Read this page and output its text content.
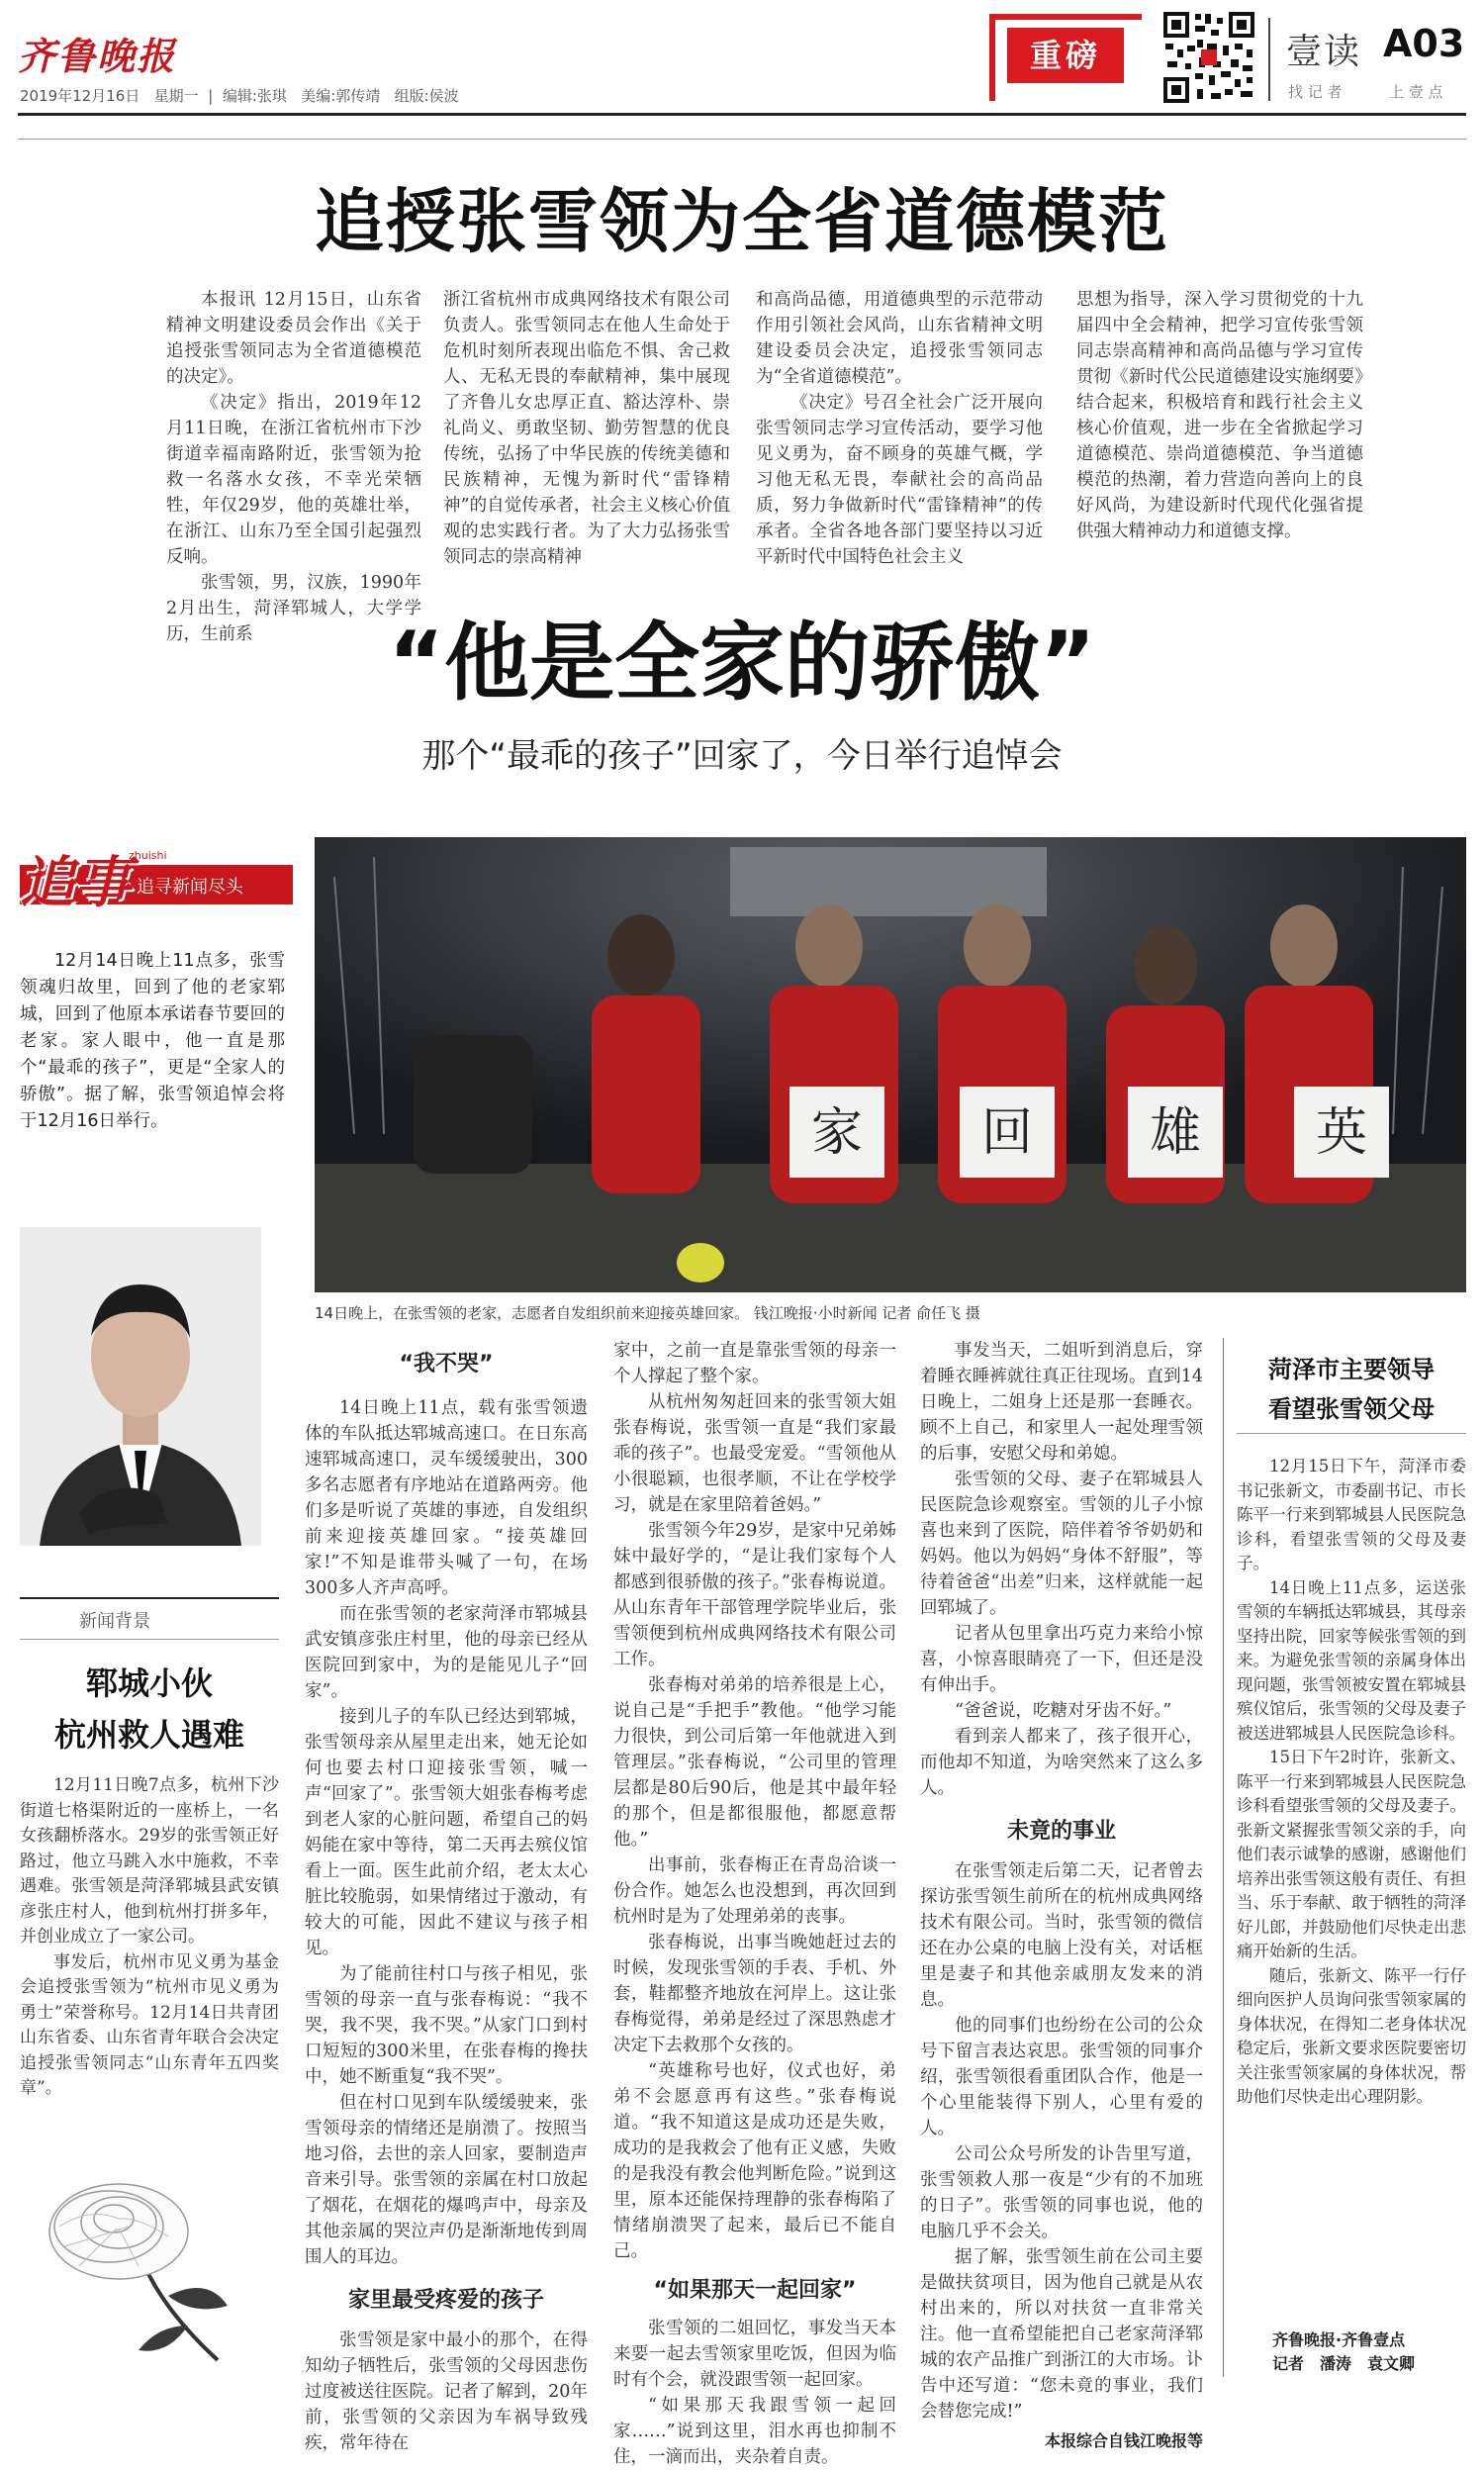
齐鲁晚报
2019年12月16日 星期一  |  编辑:张琪 美编:郭传靖 组版:侯波
重磅	壹读 A03
找 记 者	上 壹 点
追授张雪领为全省道德模范

本报讯 12月15日，山东省精神文明建设委员会作出《关于追授张雪领同志为全省道德模范的决定》。

《决定》指出，2019年12月11日晚，在浙江省杭州市下沙街道幸福南路附近，张雪领为抢救一名落水女孩，不幸光荣牺牲，年仅29岁，他的英雄壮举，在浙江、山东乃至全国引起强烈反响。

张雪领，男，汉族，1990年2月出生，菏泽郓城人，大学学历，生前系

浙江省杭州市成典网络技术有限公司负责人。张雪领同志在他人生命处于危机时刻所表现出临危不惧、舍己救人、无私无畏的奉献精神，集中展现了齐鲁儿女忠厚正直、豁达淳朴、崇礼尚义、勇敢坚韧、勤劳智慧的优良传统，弘扬了中华民族的传统美德和民族精神，无愧为新时代“雷锋精神”的自觉传承者，社会主义核心价值观的忠实践行者。为了大力弘扬张雪领同志的崇高精神

和高尚品德，用道德典型的示范带动作用引领社会风尚，山东省精神文明建设委员会决定，追授张雪领同志为“全省道德模范”。

《决定》号召全社会广泛开展向张雪领同志学习宣传活动，要学习他见义勇为，奋不顾身的英雄气概，学习他无私无畏，奉献社会的高尚品质，努力争做新时代“雷锋精神”的传承者。全省各地各部门要坚持以习近平新时代中国特色社会主义

思想为指导，深入学习贯彻党的十九届四中全会精神，把学习宣传张雪领同志崇高精神和高尚品德与学习宣传贯彻《新时代公民道德建设实施纲要》结合起来，积极培育和践行社会主义核心价值观，进一步在全省掀起学习道德模范、崇尚道德模范、争当道德模范的热潮，着力营造向善向上的良好风尚，为建设新时代现代化强省提供强大精神动力和道德支撑。

“他是全家的骄傲”
那个“最乖的孩子”回家了，今日举行追悼会
追事
zhuishi
追寻新闻尽头
12月14日晚上11点多，张雪领魂归故里，回到了他的老家郓城，回到了他原本承诺春节要回的老家。家人眼中，他一直是那个“最乖的孩子”，更是“全家人的骄傲”。据了解，张雪领追悼会将于12月16日举行。	家 回 雄 英
14日晚上，在张雪领的老家，志愿者自发组织前来迎接英雄回家。 钱江晚报·小时新闻 记者 俞任飞 摄
新闻背景
郓城小伙
杭州救人遇难

12月11日晚7点多，杭州下沙街道七格渠附近的一座桥上，一名女孩翻桥落水。29岁的张雪领正好路过，他立马跳入水中施救，不幸遇难。张雪领是菏泽郓城县武安镇彦张庄村人，他到杭州打拼多年，并创业成立了一家公司。

事发后，杭州市见义勇为基金会追授张雪领为“杭州市见义勇为勇士”荣誉称号。12月14日共青团山东省委、山东省青年联合会决定追授张雪领同志“山东青年五四奖章”。

“我不哭”

14日晚上11点，载有张雪领遗体的车队抵达郓城高速口。在日东高速郓城高速口，灵车缓缓驶出，300多名志愿者有序地站在道路两旁。他们多是听说了英雄的事迹，自发组织前来迎接英雄回家。“接英雄回家!”不知是谁带头喊了一句，在场300多人齐声高呼。

而在张雪领的老家菏泽市郓城县武安镇彦张庄村里，他的母亲已经从医院回到家中，为的是能见儿子“回家”。

接到儿子的车队已经达到郓城，张雪领母亲从屋里走出来，她无论如何也要去村口迎接张雪领，喊一声“回家了”。张雪领大姐张春梅考虑到老人家的心脏问题，希望自己的妈妈能在家中等待，第二天再去殡仪馆看上一面。医生此前介绍，老太太心脏比较脆弱，如果情绪过于激动，有较大的可能，因此不建议与孩子相见。

为了能前往村口与孩子相见，张雪领的母亲一直与张春梅说：“我不哭，我不哭，我不哭。”从家门口到村口短短的300米里，在张春梅的搀扶中，她不断重复“我不哭”。

但在村口见到车队缓缓驶来，张雪领母亲的情绪还是崩溃了。按照当地习俗，去世的亲人回家，要制造声音来引导。张雪领的亲属在村口放起了烟花，在烟花的爆鸣声中，母亲及其他亲属的哭泣声仍是渐渐地传到周围人的耳边。

家里最受疼爱的孩子

张雪领是家中最小的那个，在得知幼子牺牲后，张雪领的父母因悲伤过度被送往医院。记者了解到，20年前，张雪领的父亲因为车祸导致残疾，常年待在

家中，之前一直是靠张雪领的母亲一个人撑起了整个家。

从杭州匆匆赶回来的张雪领大姐张春梅说，张雪领一直是“我们家最乖的孩子”。也最受宠爱。“雪领他从小很聪颖，也很孝顺，不让在学校学习，就是在家里陪着爸妈。”

张雪领今年29岁，是家中兄弟姊妹中最好学的，“是让我们家每个人都感到很骄傲的孩子。”张春梅说道。从山东青年干部管理学院毕业后，张雪领便到杭州成典网络技术有限公司工作。

张春梅对弟弟的培养很是上心，说自己是“手把手”教他。“他学习能力很快，到公司后第一年他就进入到管理层。”张春梅说，“公司里的管理层都是80后90后，他是其中最年轻的那个，但是都很服他，都愿意帮他。”

出事前，张春梅正在青岛洽谈一份合作。她怎么也没想到，再次回到杭州时是为了处理弟弟的丧事。

张春梅说，出事当晚她赶过去的时候，发现张雪领的手表、手机、外套，鞋都整齐地放在河岸上。这让张春梅觉得，弟弟是经过了深思熟虑才决定下去救那个女孩的。

“英雄称号也好，仪式也好，弟弟不会愿意再有这些。”张春梅说道。“我不知道这是成功还是失败，成功的是我救会了他有正义感，失败的是我没有教会他判断危险。”说到这里，原本还能保持理静的张春梅陷了情绪崩溃哭了起来，最后已不能自己。

“如果那天一起回家”

张雪领的二姐回忆，事发当天本来要一起去雪领家里吃饭，但因为临时有个会，就没跟雪领一起回家。

“如果那天我跟雪领一起回家……”说到这里，泪水再也抑制不住，一滴而出，夹杂着自责。

事发当天，二姐听到消息后，穿着睡衣睡裤就往真正往现场。直到14日晚上，二姐身上还是那一套睡衣。顾不上自己，和家里人一起处理雪领的后事，安慰父母和弟媳。

张雪领的父母、妻子在郓城县人民医院急诊观察室。雪领的儿子小惊喜也来到了医院，陪伴着爷爷奶奶和妈妈。他以为妈妈“身体不舒服”，等待着爸爸“出差”归来，这样就能一起回郓城了。

记者从包里拿出巧克力来给小惊喜，小惊喜眼睛亮了一下，但还是没有伸出手。

“爸爸说，吃糖对牙齿不好。”

看到亲人都来了，孩子很开心，而他却不知道，为啥突然来了这么多人。

未竟的事业

在张雪领走后第二天，记者曾去探访张雪领生前所在的杭州成典网络技术有限公司。当时，张雪领的微信还在办公桌的电脑上没有关，对话框里是妻子和其他亲戚朋友发来的消息。

他的同事们也纷纷在公司的公众号下留言表达哀思。张雪领的同事介绍，张雪领很看重团队合作，他是一个心里能装得下别人，心里有爱的人。

公司公众号所发的讣告里写道，张雪领救人那一夜是“少有的不加班的日子”。张雪领的同事也说，他的电脑几乎不会关。

据了解，张雪领生前在公司主要是做扶贫项目，因为他自己就是从农村出来的，所以对扶贫一直非常关注。他一直希望能把自己老家菏泽郓城的农产品推广到浙江的大市场。讣告中还写道：“您未竟的事业，我们会替您完成!”

本报综合自钱江晚报等
菏泽市主要领导
看望张雪领父母

12月15日下午，菏泽市委书记张新文，市委副书记、市长陈平一行来到郓城县人民医院急诊科，看望张雪领的父母及妻子。

14日晚上11点多，运送张雪领的车辆抵达郓城县，其母亲坚持出院，回家等候张雪领的到来。为避免张雪领的亲属身体出现问题，张雪领被安置在郓城县殡仪馆后，张雪领的父母及妻子被送进郓城县人民医院急诊科。

15日下午2时许，张新文、陈平一行来到郓城县人民医院急诊科看望张雪领的父母及妻子。张新文紧握张雪领父亲的手，向他们表示诚挚的感谢，感谢他们培养出张雪领这般有责任、有担当、乐于奉献、敢于牺牲的菏泽好儿郎，并鼓励他们尽快走出悲痛开始新的生活。

随后，张新文、陈平一行仔细向医护人员询问张雪领家属的身体状况，在得知二老身体状况稳定后，张新文要求医院要密切关注张雪领家属的身体状况，帮助他们尽快走出心理阴影。

齐鲁晚报·齐鲁壹点
记者　潘涛　袁文卿
